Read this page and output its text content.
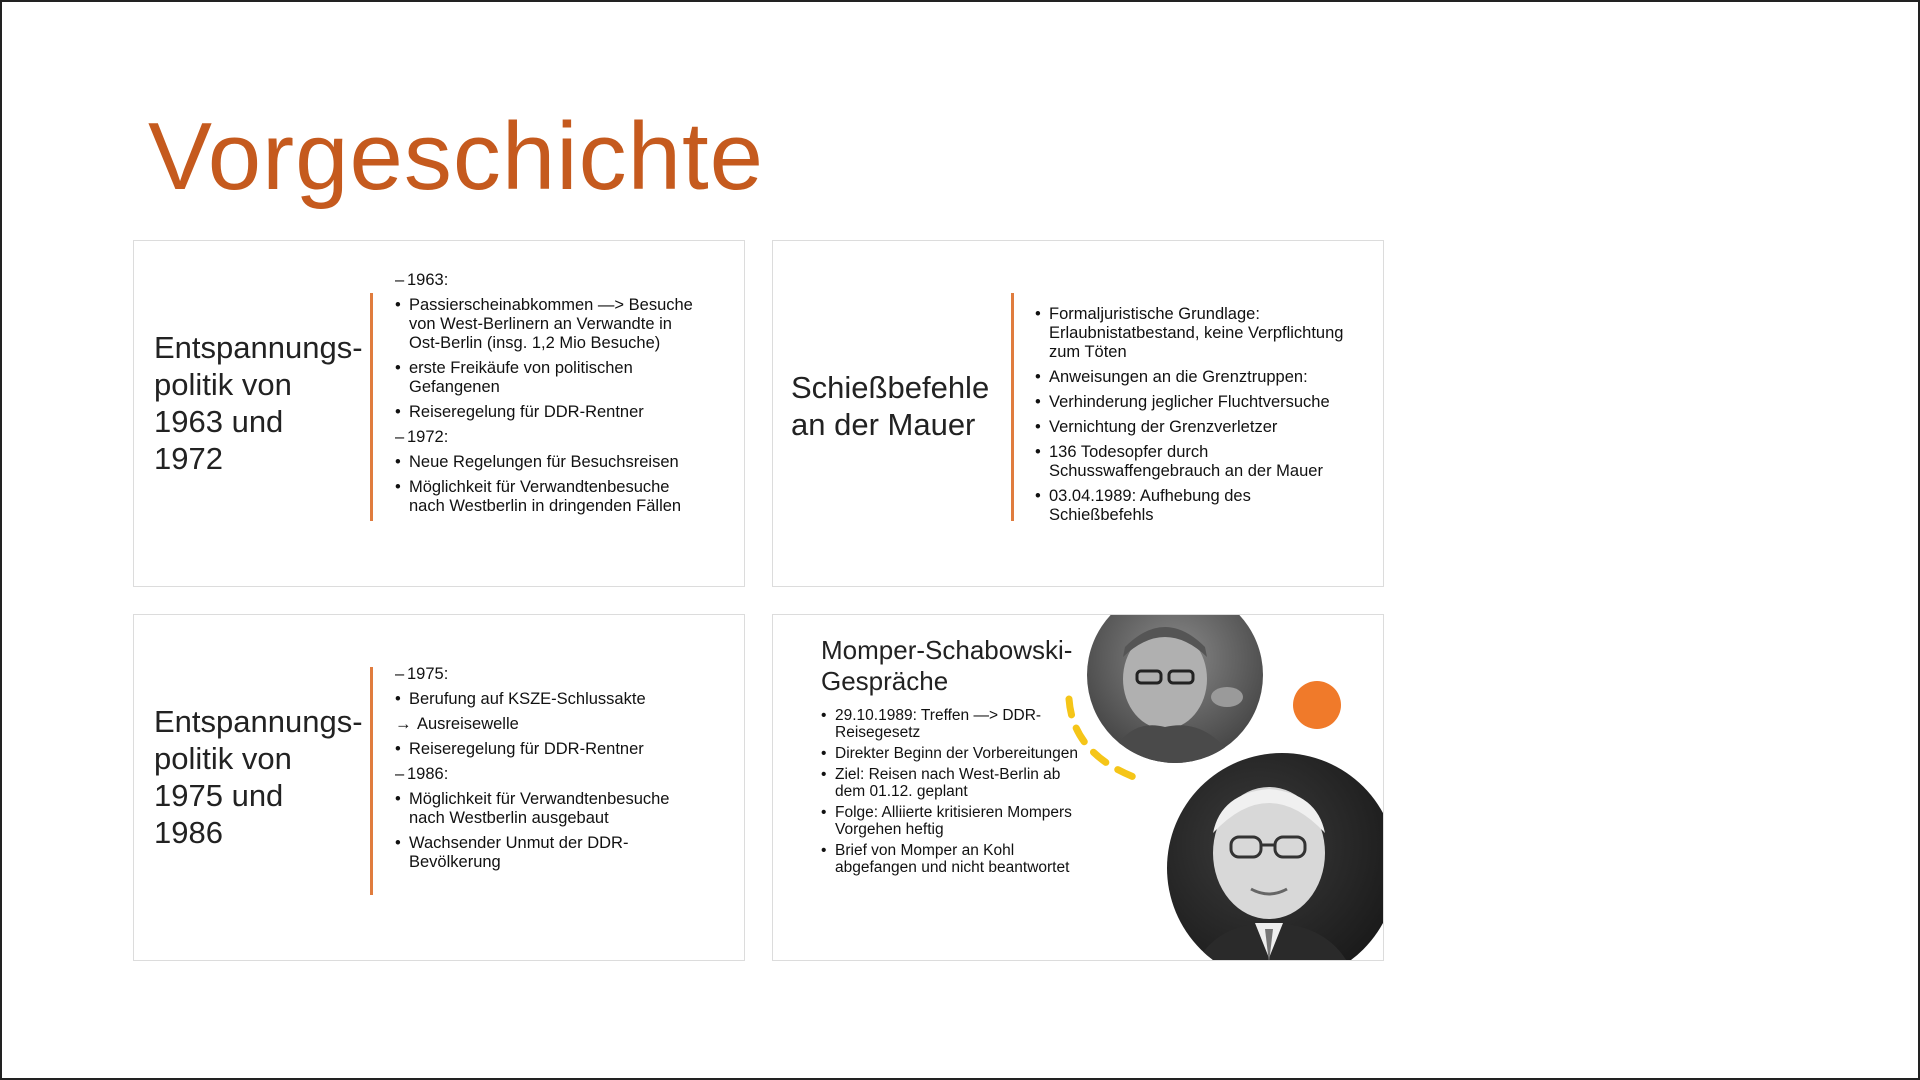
Vorgeschichte
Entspannungs-
politik von
1963 und
1972
– 1963:
• Passierscheinabkommen —> Besuche von West-Berlinern an Verwandte in Ost-Berlin (insg. 1,2 Mio Besuche)
• erste Freikäufe von politischen Gefangenen
• Reiseregelung für DDR-Rentner
– 1972:
• Neue Regelungen für Besuchsreisen
• Möglichkeit für Verwandtenbesuche nach Westberlin in dringenden Fällen
Schießbefehle
an der Mauer
• Formaljuristische Grundlage: Erlaubnistatbestand, keine Verpflichtung zum Töten
• Anweisungen an die Grenztruppen:
• Verhinderung jeglicher Fluchtversuche
• Vernichtung der Grenzverletzer
• 136 Todesopfer durch Schusswaffengebrauch an der Mauer
• 03.04.1989: Aufhebung des Schießbefehls
Entspannungs-
politik von
1975 und
1986
– 1975:
• Berufung auf KSZE-Schlussakte
→ Ausreisewelle
• Reiseregelung für DDR-Rentner
– 1986:
• Möglichkeit für Verwandtenbesuche nach Westberlin ausgebaut
• Wachsender Unmut der DDR-Bevölkerung
Momper-Schabowski-
Gespräche
• 29.10.1989: Treffen —> DDR-Reisegesetz
• Direkter Beginn der Vorbereitungen
• Ziel: Reisen nach West-Berlin ab dem 01.12. geplant
• Folge: Alliierte kritisieren Mompers Vorgehen heftig
• Brief von Momper an Kohl abgefangen und nicht beantwortet
